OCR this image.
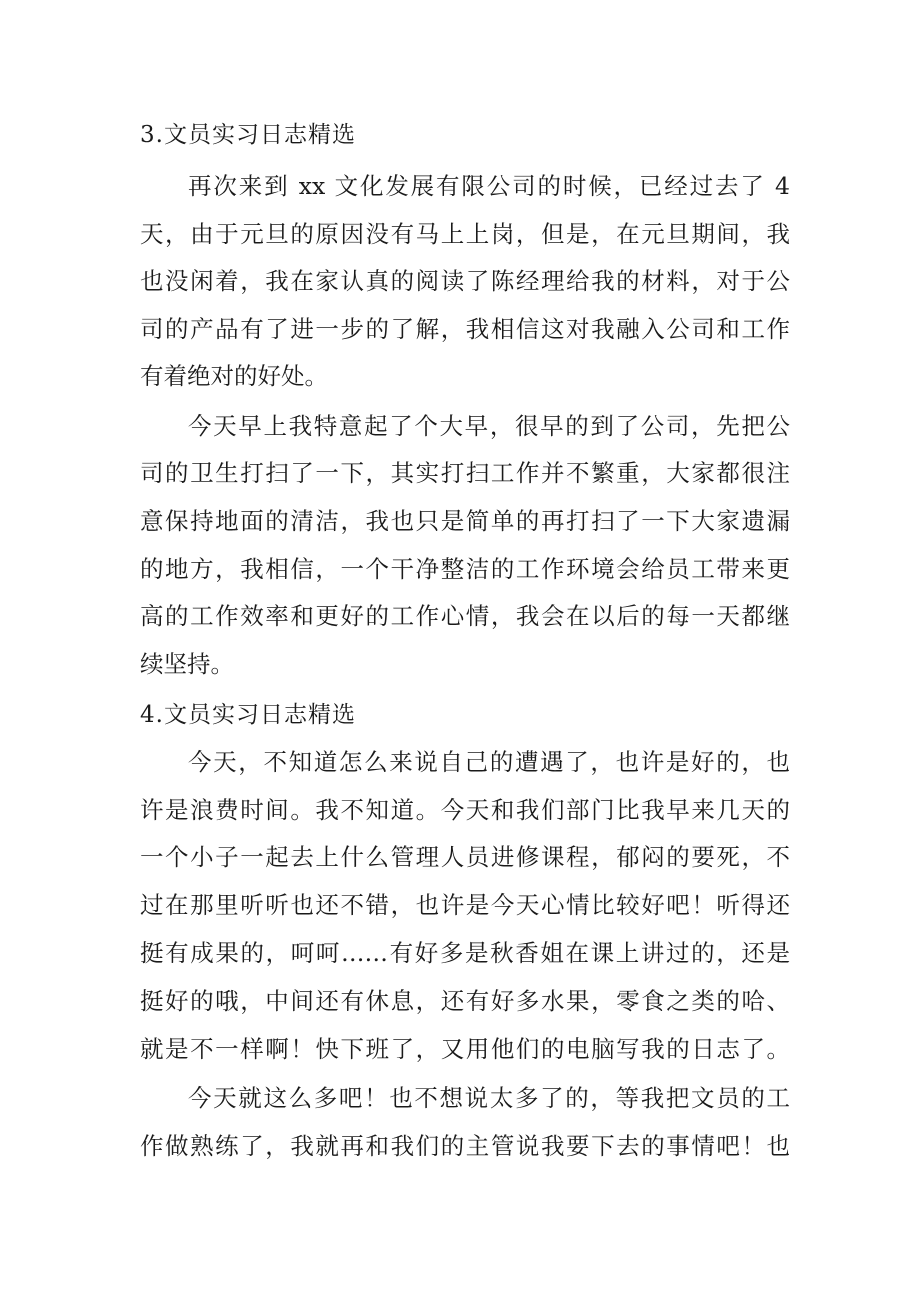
3.文员实习日志精选
再次来到 xx 文化发展有限公司的时候，已经过去了 4
天，由于元旦的原因没有马上上岗，但是，在元旦期间，我
也没闲着，我在家认真的阅读了陈经理给我的材料，对于公
司的产品有了进一步的了解，我相信这对我融入公司和工作
有着绝对的好处。
今天早上我特意起了个大早，很早的到了公司，先把公
司的卫生打扫了一下，其实打扫工作并不繁重，大家都很注
意保持地面的清洁，我也只是简单的再打扫了一下大家遗漏
的地方，我相信，一个干净整洁的工作环境会给员工带来更
高的工作效率和更好的工作心情，我会在以后的每一天都继
续坚持。
4.文员实习日志精选
今天，不知道怎么来说自己的遭遇了，也许是好的，也
许是浪费时间。我不知道。今天和我们部门比我早来几天的
一个小子一起去上什么管理人员进修课程，郁闷的要死，不
过在那里听听也还不错，也许是今天心情比较好吧！听得还
挺有成果的，呵呵……有好多是秋香姐在课上讲过的，还是
挺好的哦，中间还有休息，还有好多水果，零食之类的哈、
就是不一样啊！快下班了，又用他们的电脑写我的日志了。
今天就这么多吧！也不想说太多了的，等我把文员的工
作做熟练了，我就再和我们的主管说我要下去的事情吧！也
